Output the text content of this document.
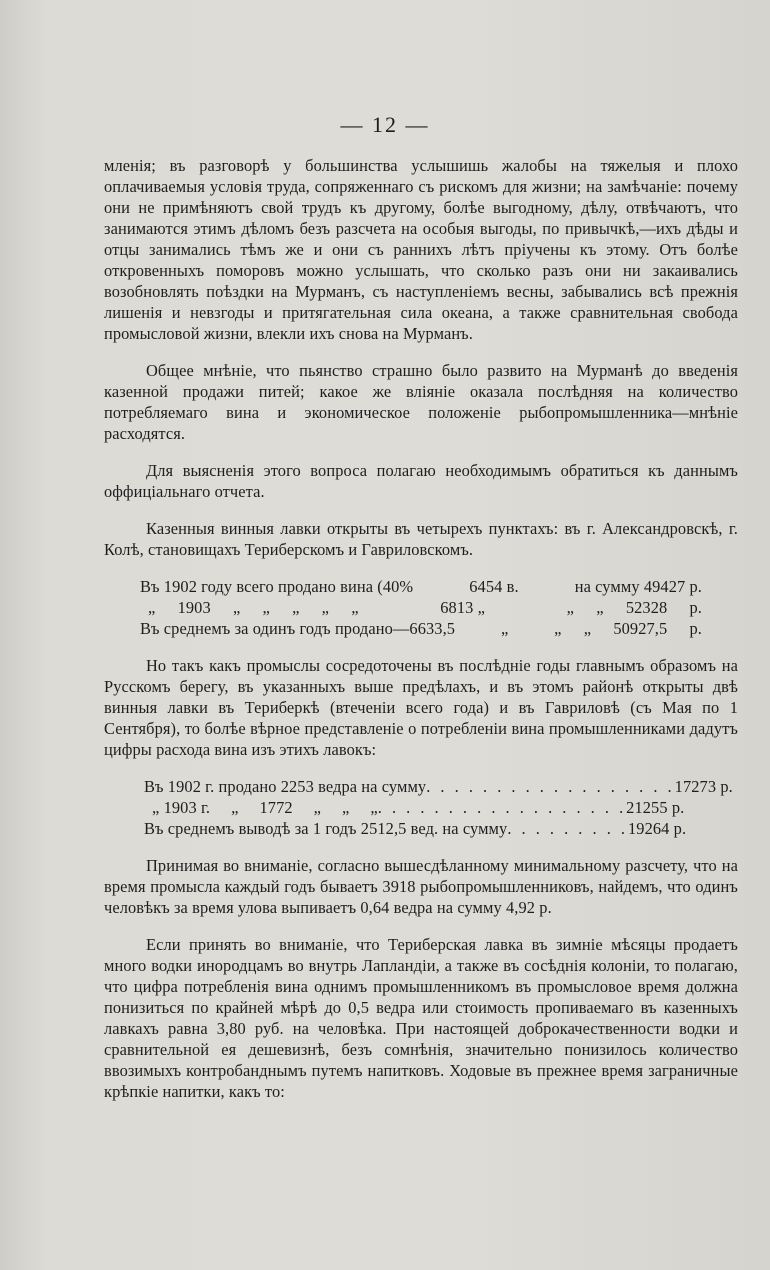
— 12 —

мленія; въ разговорѣ у большинства услышишь жалобы на тяжелыя и плохо оплачиваемыя условія труда, сопряженнаго съ рискомъ для жизни; на замѣчаніе: почему они не примѣняютъ свой трудъ къ другому, болѣе выгодному, дѣлу, отвѣчаютъ, что занимаются этимъ дѣломъ безъ разсчета на особыя выгоды, по привычкѣ,—ихъ дѣды и отцы занимались тѣмъ же и они съ раннихъ лѣтъ пріучены къ этому. Отъ болѣе откровенныхъ поморовъ можно услышать, что сколько разъ они ни закаивались возобновлять поѣздки на Мурманъ, съ наступленіемъ весны, забывались всѣ прежнія лишенія и невзгоды и притягательная сила океана, а также сравнительная свобода промысловой жизни, влекли ихъ снова на Мурманъ.

Общее мнѣніе, что пьянство страшно было развито на Мурманѣ до введенія казенной продажи питей; какое же вліяніе оказала послѣдняя на количество потребляемаго вина и экономическое положеніе рыбопромышленника—мнѣніе расходятся.

Для выясненія этого вопроса полагаю необходимымъ обратиться къ даннымъ оффиціальнаго отчета.

Казенныя винныя лавки открыты въ четырехъ пунктахъ: въ г. Александровскѣ, г. Колѣ, становищахъ Териберскомъ и Гавриловскомъ.

Въ 1902 году всего продано вина (40%	6454 в.	на сумму 49427 р.
„ 1903 „ „ „ „ „	6813 „	„ „ 52328 р.
Въ среднемъ за одинъ годъ продано—6633,5	„	„ „ 50927,5 р.

Но такъ какъ промыслы сосредоточены въ послѣдніе годы главнымъ образомъ на Русскомъ берегу, въ указанныхъ выше предѣлахъ, и въ этомъ районѣ открыты двѣ винныя лавки въ Териберкѣ (втеченіи всего года) и въ Гавриловѣ (съ Мая по 1 Сентября), то болѣе вѣрное представленіе о потребленіи вина промышленниками дадутъ цифры расхода вина изъ этихъ лавокъ:

Въ 1902 г. продано 2253 ведра на сумму . . . . . . . . . . . . . . . . . . 17273 р.
„ 1903 г.     „     1772     „     „     „ . . . . . . . . . . . . . . . . . . 21255 р.
Въ среднемъ выводѣ за 1 годъ 2512,5 вед. на сумму . . . . . . . . . 19264 р.

Принимая во вниманіе, согласно вышесдѣланному минимальному разсчету, что на время промысла каждый годъ бываетъ 3918 рыбопромышленниковъ, найдемъ, что одинъ человѣкъ за время улова выпиваетъ 0,64 ведра на сумму 4,92 р.

Если принять во вниманіе, что Териберская лавка въ зимніе мѣсяцы продаетъ много водки инородцамъ во внутрь Лапландіи, а также въ сосѣднія колоніи, то полагаю, что цифра потребленія вина однимъ промышленникомъ въ промысловое время должна понизиться по крайней мѣрѣ до 0,5 ведра или стоимость пропиваемаго въ казенныхъ лавкахъ равна 3,80 руб. на человѣка. При настоящей доброкачественности водки и сравнительной ея дешевизнѣ, безъ сомнѣнія, значительно понизилось количество ввозимыхъ контробанднымъ путемъ напитковъ. Ходовые въ прежнее время заграничные крѣпкіе напитки, какъ то:
